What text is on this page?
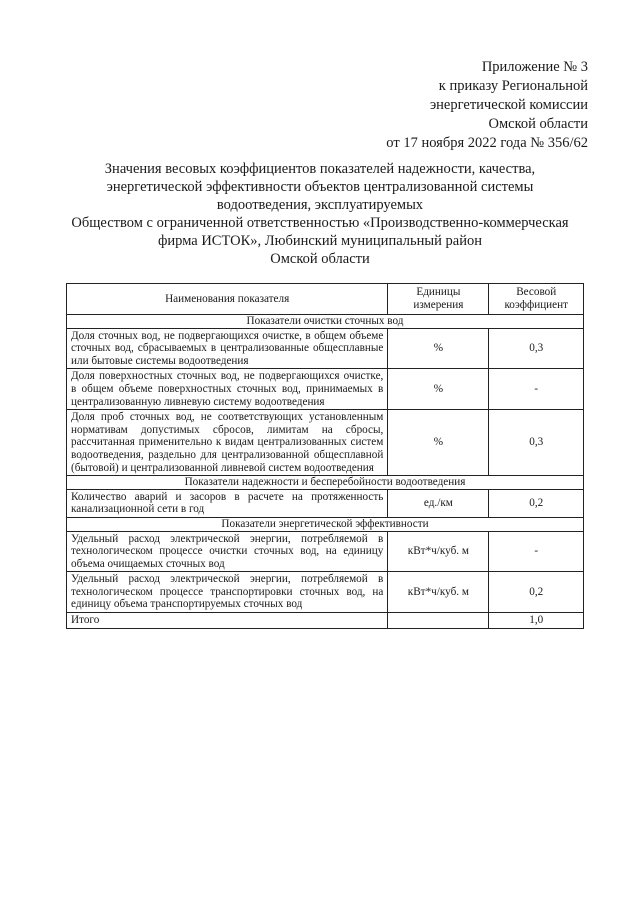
Приложение № 3
к приказу Региональной
энергетической комиссии
Омской области
от 17 ноября 2022 года № 356/62
Значения весовых коэффициентов показателей надежности, качества,
энергетической эффективности объектов централизованной системы
водоотведения, эксплуатируемых
Обществом с ограниченной ответственностью «Производственно-коммерческая
фирма ИСТОК», Любинский муниципальный район
Омской области
Наименования показателя	Единицы измерения	Весовой коэффициент
Показатели очистки сточных вод		
Доля сточных вод, не подвергающихся очистке, в общем объеме сточных вод, сбрасываемых в централизованные общесплавные или бытовые системы водоотведения	%	0,3
Доля поверхностных сточных вод, не подвергающихся очистке, в общем объеме поверхностных сточных вод, принимаемых в централизованную ливневую систему водоотведения	%	-
Доля проб сточных вод, не соответствующих установленным нормативам допустимых сбросов, лимитам на сбросы, рассчитанная применительно к видам централизованных систем водоотведения, раздельно для централизованной общесплавной (бытовой) и централизованной ливневой систем водоотведения	%	0,3
Показатели надежности и бесперебойности водоотведения		
Количество аварий и засоров в расчете на протяженность канализационной сети в год	ед./км	0,2
Показатели энергетической эффективности		
Удельный расход электрической энергии, потребляемой в технологическом процессе очистки сточных вод, на единицу объема очищаемых сточных вод	кВт*ч/куб. м	-
Удельный расход электрической энергии, потребляемой в технологическом процессе транспортировки сточных вод, на единицу объема транспортируемых сточных вод	кВт*ч/куб. м	0,2
Итого		1,0
